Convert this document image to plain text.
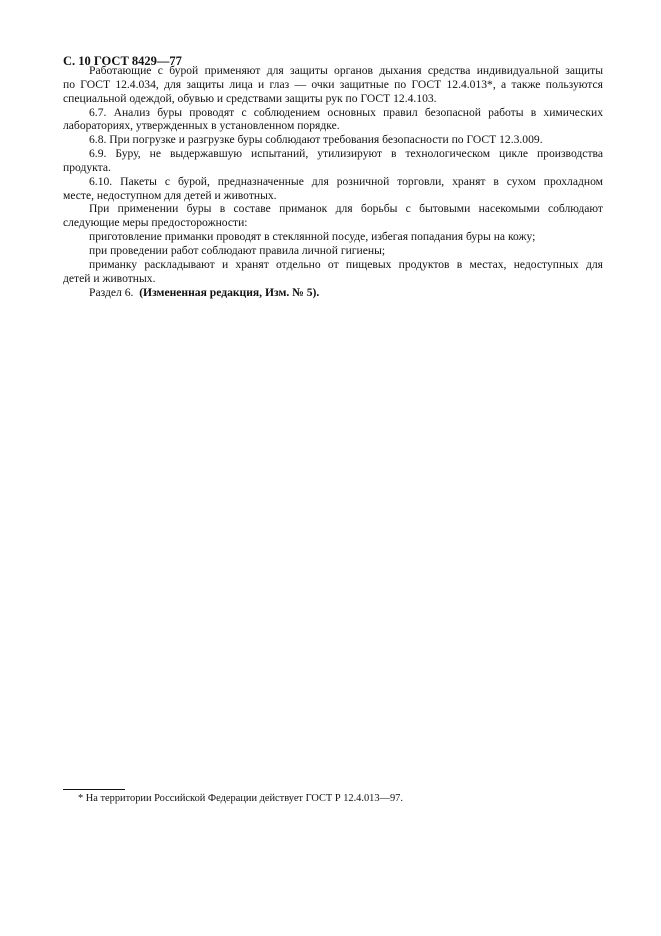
С. 10 ГОСТ 8429—77
Работающие с бурой применяют для защиты органов дыхания средства индивидуальной защиты
по ГОСТ 12.4.034, для защиты лица и глаз — очки защитные по ГОСТ 12.4.013*, а также пользуются
специальной одеждой, обувью и средствами защиты рук по ГОСТ 12.4.103.
6.7. Анализ буры проводят с соблюдением основных правил безопасной работы в химических
лабораториях, утвержденных в установленном порядке.
6.8. При погрузке и разгрузке буры соблюдают требования безопасности по ГОСТ 12.3.009.
6.9. Буру, не выдержавшую испытаний, утилизируют в технологическом цикле производства
продукта.
6.10. Пакеты с бурой, предназначенные для розничной торговли, хранят в сухом прохладном
месте, недоступном для детей и животных.
При применении буры в составе приманок для борьбы с бытовыми насекомыми соблюдают
следующие меры предосторожности:
приготовление приманки проводят в стеклянной посуде, избегая попадания буры на кожу;
при проведении работ соблюдают правила личной гигиены;
приманку раскладывают и хранят отдельно от пищевых продуктов в местах, недоступных для
детей и животных.
Раздел 6. (Измененная редакция, Изм. № 5).
* На территории Российской Федерации действует ГОСТ Р 12.4.013—97.
